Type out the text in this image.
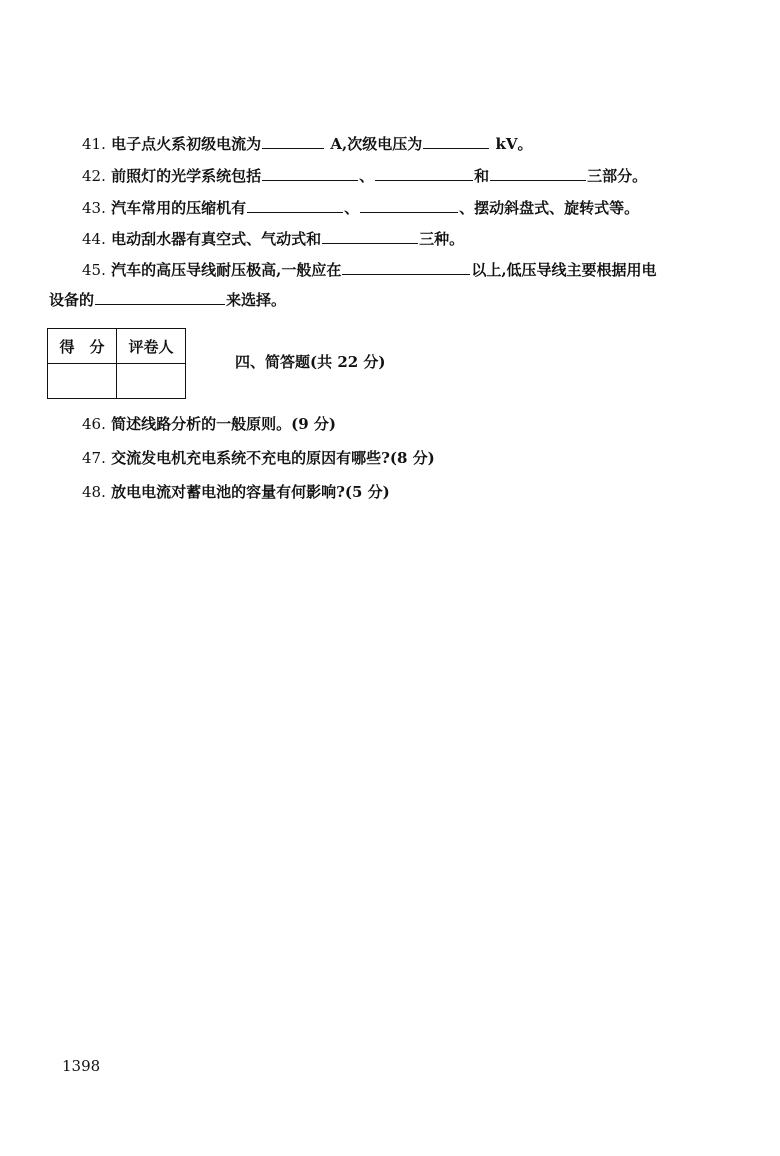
41. 电子点火系初级电流为	A,次级电压为	kV。
42. 前照灯的光学系统包括	、	和	三部分。
43. 汽车常用的压缩机有	、	、摆动斜盘式、旋转式等。
44. 电动刮水器有真空式、气动式和	三种。
45. 汽车的高压导线耐压极高,一般应在	以上,低压导线主要根据用电
设备的	来选择。
得　分	评卷人

四、简答题(共 22 分)
46. 简述线路分析的一般原则。(9 分)
47. 交流发电机充电系统不充电的原因有哪些?(8 分)
48. 放电电流对蓄电池的容量有何影响?(5 分)
1398
